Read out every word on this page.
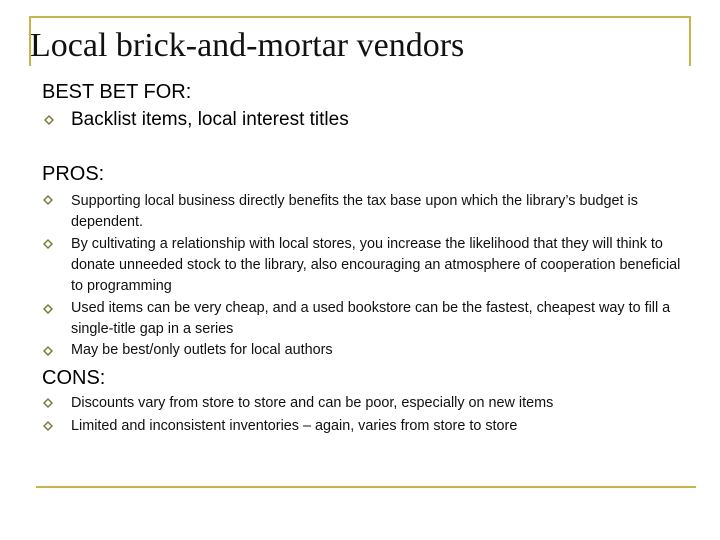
Local brick-and-mortar vendors
BEST BET FOR:
Backlist items, local interest titles
PROS:
Supporting local business directly benefits the tax base upon which the library’s budget is dependent.
By cultivating a relationship with local stores, you increase the likelihood that they will think to donate unneeded stock to the library, also encouraging an atmosphere of cooperation beneficial to programming
Used items can be very cheap, and a used bookstore can be the fastest, cheapest way to fill a single-title gap in a series
May be best/only outlets for local authors
CONS:
Discounts vary from store to store and can be poor, especially on new items
Limited and inconsistent inventories – again, varies from store to store
